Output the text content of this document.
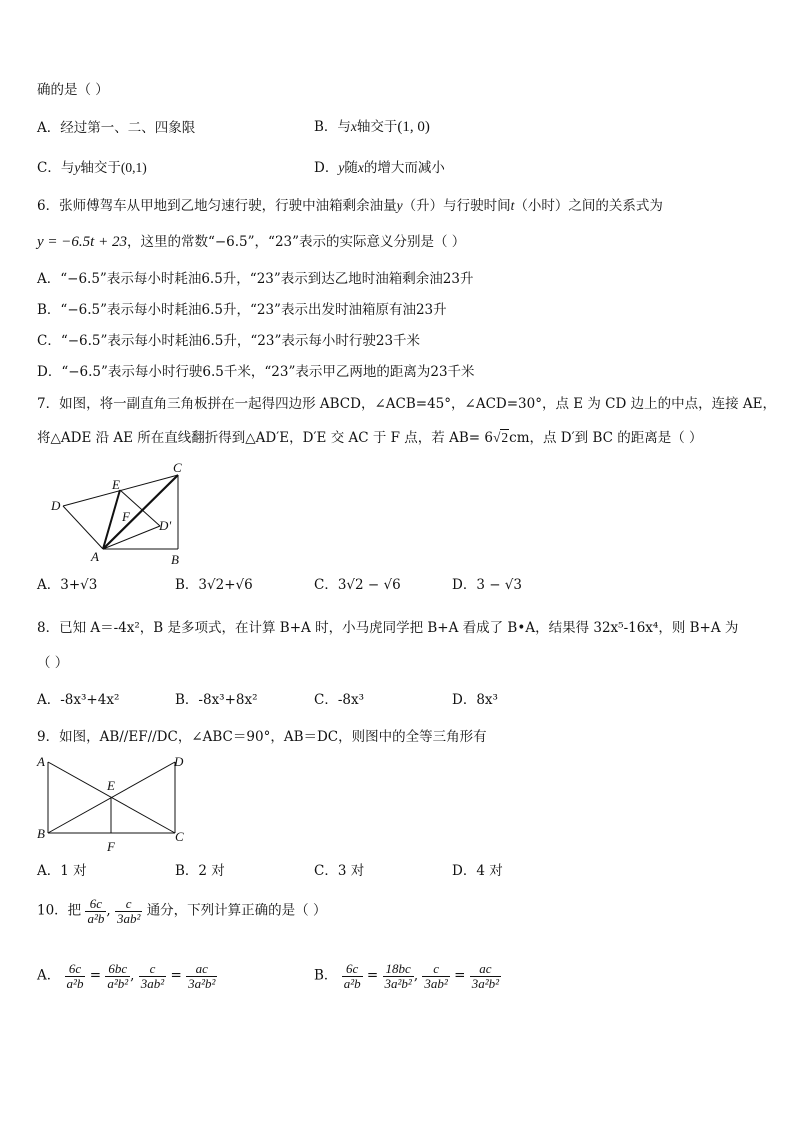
确的是（ ）
A．经过第一、二、四象限	B．与x轴交于(1, 0)
C．与y轴交于(0,1)	D．y随x的增大而减小
6．张师傅驾车从甲地到乙地匀速行驶，行驶中油箱剩余油量y（升）与行驶时间t（小时）之间的关系式为
y = −6.5t + 23，这里的常数“−6.5”，“23”表示的实际意义分别是（ ）
A．“−6.5”表示每小时耗油6.5升，“23”表示到达乙地时油箱剩余油23升
B．“−6.5”表示每小时耗油6.5升，“23”表示出发时油箱原有油23升
C．“−6.5”表示每小时耗油6.5升，“23”表示每小时行驶23千米
D．“−6.5”表示每小时行驶6.5千米，“23”表示甲乙两地的距离为23千米
7．如图，将一副直角三角板拼在一起得四边形 ABCD，∠ACB=45°，∠ACD=30°，点 E 为 CD 边上的中点，连接 AE，
将△ADE 沿 AE 所在直线翻折得到△AD′E，D′E 交 AC 于 F 点，若 AB= 6√2cm，点 D′到 BC 的距离是（ ）
D
E
C
F
D'
A	B
A．3+√3	B．3√2+√6	C．3√2 − √6	D．3 − √3
8．已知 A＝-4x²，B 是多项式，在计算 B+A 时，小马虎同学把 B+A 看成了 B•A，结果得 32x⁵-16x⁴，则 B+A 为
（ ）
A．-8x³+4x²	B．-8x³+8x²	C．-8x³	D．8x³
9．如图，AB//EF//DC，∠ABC＝90°，AB＝DC，则图中的全等三角形有
A	D
E
B	C
F
A．1 对	B．2 对	C．3 对	D．4 对
10．把 $\frac{6c}{\text{a²b}}$ , $\frac{c}{\text{3ab²}}$ 通分，下列计算正确的是（ ）
A． $\frac{6c}{\text{a²b}} = \frac{6bc}{\text{a²b²}}$ , $\frac{c}{\text{3ab²}} = \frac{ac}{\text{3a²b²}}$	B． $\frac{6c}{\text{a²b}} = \frac{18bc}{\text{3a²b²}}$ , $\frac{c}{\text{3ab²}} = \frac{ac}{\text{3a²b²}}$
